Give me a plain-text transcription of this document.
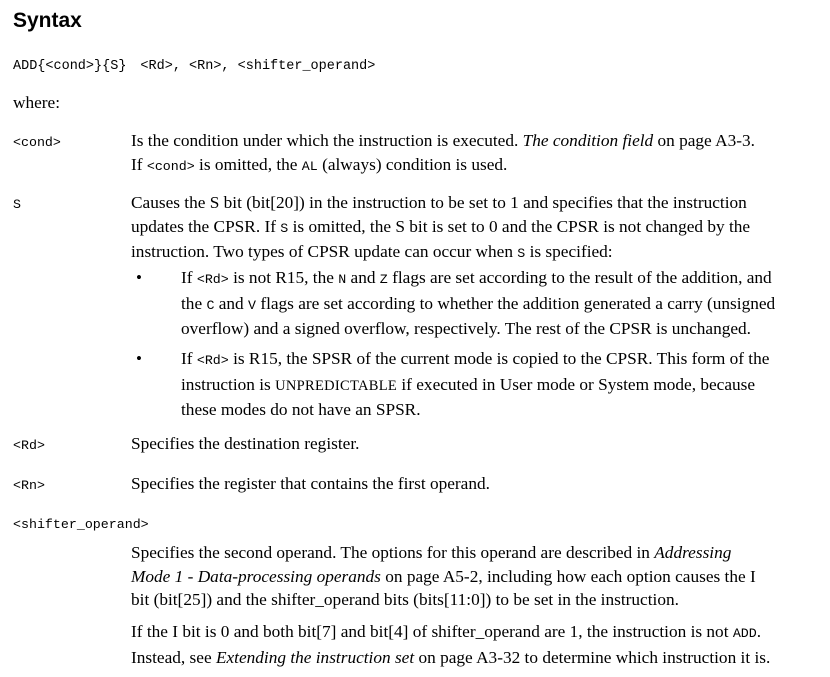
Syntax
ADD{<cond>}{S} <Rd>, <Rn>, <shifter_operand>
where:
<cond>	Is the condition under which the instruction is executed. The condition field on page A3-3.

If <cond> is omitted, the AL (always) condition is used.

S	Causes the S bit (bit[20]) in the instruction to be set to 1 and specifies that the instruction

updates the CPSR. If S is omitted, the S bit is set to 0 and the CPSR is not changed by the

instruction. Two types of CPSR update can occur when S is specified:

• If <Rd> is not R15, the N and Z flags are set according to the result of the addition, and

the C and V flags are set according to whether the addition generated a carry (unsigned

overflow) and a signed overflow, respectively. The rest of the CPSR is unchanged.

• If <Rd> is R15, the SPSR of the current mode is copied to the CPSR. This form of the

instruction is UNPREDICTABLE if executed in User mode or System mode, because

these modes do not have an SPSR.

<Rd>	Specifies the destination register.
<Rn>	Specifies the register that contains the first operand.
<shifter_operand>

Specifies the second operand. The options for this operand are described in Addressing

Mode 1 - Data-processing operands on page A5-2, including how each option causes the I

bit (bit[25]) and the shifter_operand bits (bits[11:0]) to be set in the instruction.

If the I bit is 0 and both bit[7] and bit[4] of shifter_operand are 1, the instruction is not ADD.

Instead, see Extending the instruction set on page A3-32 to determine which instruction it is.
